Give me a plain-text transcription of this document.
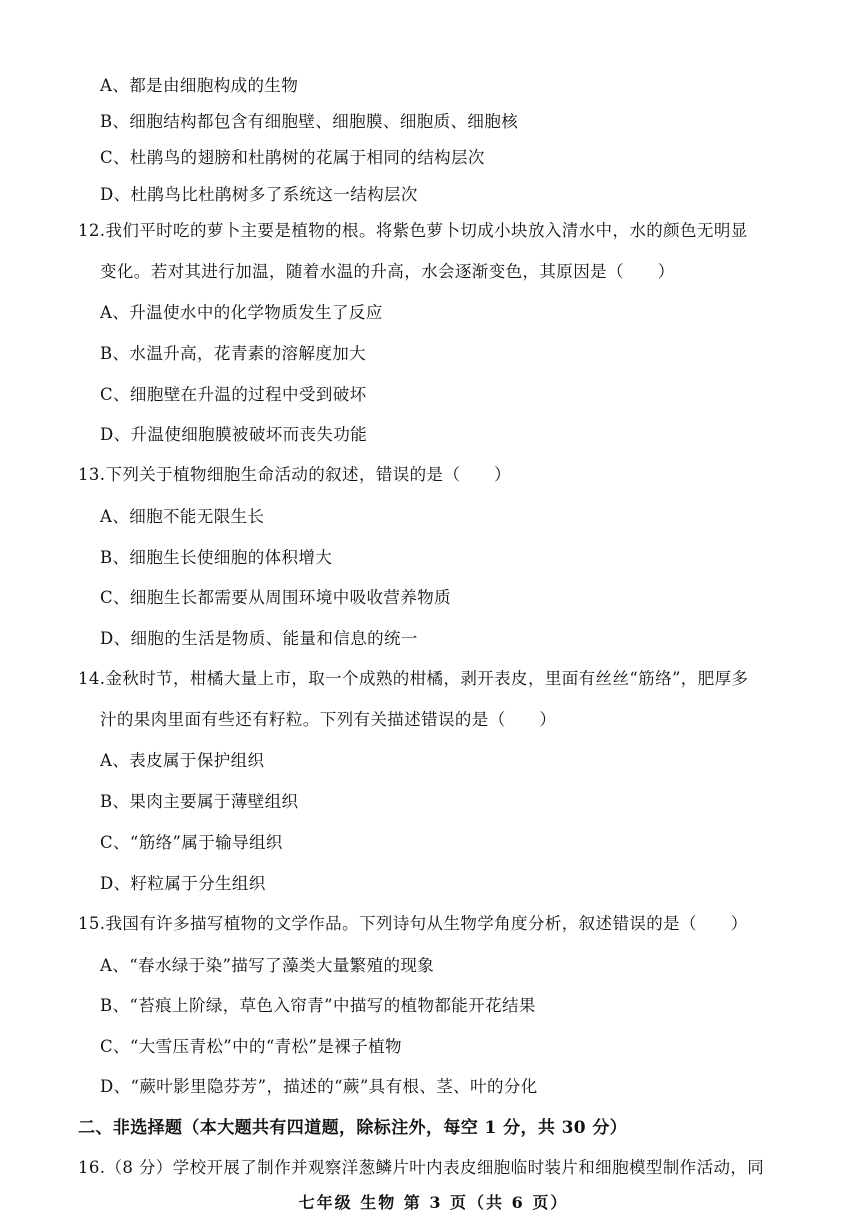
A、都是由细胞构成的生物
B、细胞结构都包含有细胞壁、细胞膜、细胞质、细胞核
C、杜鹃鸟的翅膀和杜鹃树的花属于相同的结构层次
D、杜鹃鸟比杜鹃树多了系统这一结构层次
12.我们平时吃的萝卜主要是植物的根。将紫色萝卜切成小块放入清水中，水的颜色无明显
变化。若对其进行加温，随着水温的升高，水会逐渐变色，其原因是（　　）
A、升温使水中的化学物质发生了反应
B、水温升高，花青素的溶解度加大
C、细胞壁在升温的过程中受到破坏
D、升温使细胞膜被破坏而丧失功能
13.下列关于植物细胞生命活动的叙述，错误的是（　　）
A、细胞不能无限生长
B、细胞生长使细胞的体积增大
C、细胞生长都需要从周围环境中吸收营养物质
D、细胞的生活是物质、能量和信息的统一
14.金秋时节，柑橘大量上市，取一个成熟的柑橘，剥开表皮，里面有丝丝“筋络”，肥厚多
汁的果肉里面有些还有籽粒。下列有关描述错误的是（　　）
A、表皮属于保护组织
B、果肉主要属于薄壁组织
C、“筋络”属于输导组织
D、籽粒属于分生组织
15.我国有许多描写植物的文学作品。下列诗句从生物学角度分析，叙述错误的是（　　）
A、“春水绿于染”描写了藻类大量繁殖的现象
B、“苔痕上阶绿，草色入帘青”中描写的植物都能开花结果
C、“大雪压青松”中的“青松”是裸子植物
D、“蕨叶影里隐芬芳”，描述的“蕨”具有根、茎、叶的分化
二、非选择题（本大题共有四道题，除标注外，每空 1 分，共 30 分）
16.（8 分）学校开展了制作并观察洋葱鳞片叶内表皮细胞临时装片和细胞模型制作活动，同
七年级 生物 第 3 页（共 6 页）
